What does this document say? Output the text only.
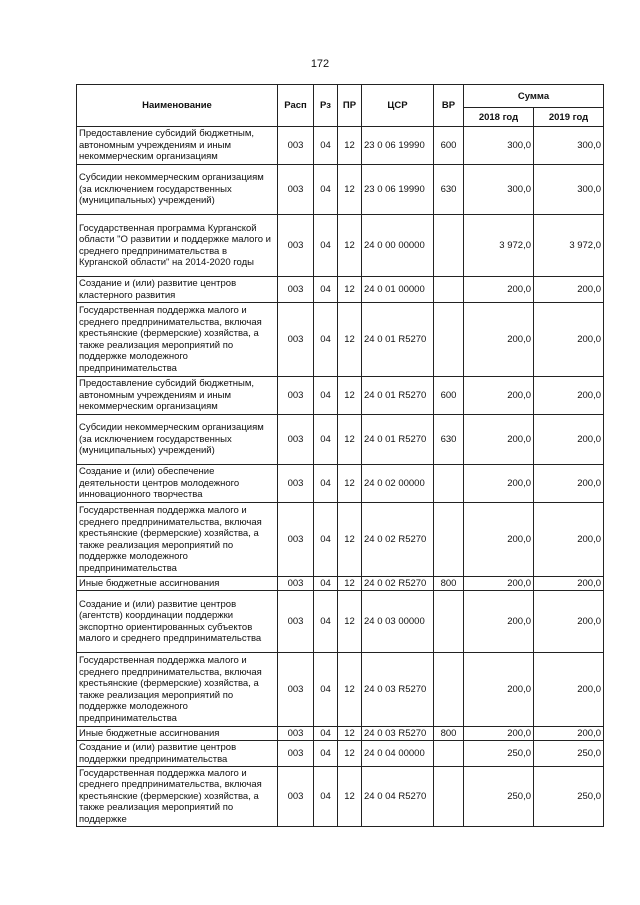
172
Наименование	Расп	Рз	ПР	ЦСР	ВР	Сумма	
						2018 год	2019 год
Предоставление субсидий бюджетным, автономным учреждениям и иным некоммерческим организациям	003	04	12	23 0 06 19990	600	300,0	300,0
Субсидии некоммерческим организациям (за исключением государственных (муниципальных) учреждений)	003	04	12	23 0 06 19990	630	300,0	300,0
Государственная программа Курганской области "О развитии и поддержке малого и среднего предпринимательства в Курганской области" на 2014-2020 годы	003	04	12	24 0 00 00000		3 972,0	3 972,0
Создание и (или) развитие центров кластерного развития	003	04	12	24 0 01 00000		200,0	200,0
Государственная поддержка малого и среднего предпринимательства, включая крестьянские (фермерские) хозяйства, а также реализация мероприятий по поддержке молодежного предпринимательства	003	04	12	24 0 01 R5270		200,0	200,0
Предоставление субсидий бюджетным, автономным учреждениям и иным некоммерческим организациям	003	04	12	24 0 01 R5270	600	200,0	200,0
Субсидии некоммерческим организациям (за исключением государственных (муниципальных) учреждений)	003	04	12	24 0 01 R5270	630	200,0	200,0
Создание и (или) обеспечение деятельности центров молодежного инновационного творчества	003	04	12	24 0 02 00000		200,0	200,0
Государственная поддержка малого и среднего предпринимательства, включая крестьянские (фермерские) хозяйства, а также реализация мероприятий по поддержке молодежного предпринимательства	003	04	12	24 0 02 R5270		200,0	200,0
Иные бюджетные ассигнования	003	04	12	24 0 02 R5270	800	200,0	200,0
Создание и (или) развитие центров (агентств) координации поддержки экспортно ориентированных субъектов малого и среднего предпринимательства	003	04	12	24 0 03 00000		200,0	200,0
Государственная поддержка малого и среднего предпринимательства, включая крестьянские (фермерские) хозяйства, а также реализация мероприятий по поддержке молодежного предпринимательства	003	04	12	24 0 03 R5270		200,0	200,0
Иные бюджетные ассигнования	003	04	12	24 0 03 R5270	800	200,0	200,0
Создание и (или) развитие центров поддержки предпринимательства	003	04	12	24 0 04 00000		250,0	250,0
Государственная поддержка малого и среднего предпринимательства, включая крестьянские (фермерские) хозяйства, а также реализация мероприятий по поддержке	003	04	12	24 0 04 R5270		250,0	250,0
